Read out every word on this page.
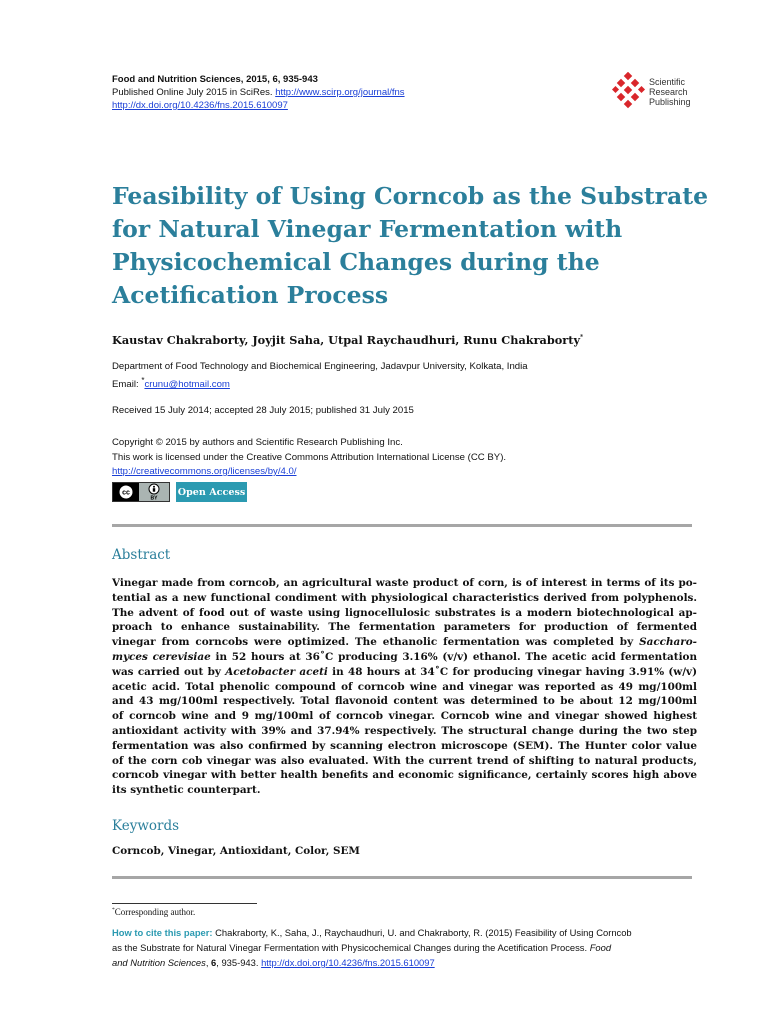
Food and Nutrition Sciences, 2015, 6, 935-943
Published Online July 2015 in SciRes. http://www.scirp.org/journal/fns
http://dx.doi.org/10.4236/fns.2015.610097
Scientific
Research
Publishing
Feasibility of Using Corncob as the Substrate
for Natural Vinegar Fermentation with
Physicochemical Changes during the
Acetification Process
Kaustav Chakraborty, Joyjit Saha, Utpal Raychaudhuri, Runu Chakraborty*
Department of Food Technology and Biochemical Engineering, Jadavpur University, Kolkata, India
Email: *crunu@hotmail.com
Received 15 July 2014; accepted 28 July 2015; published 31 July 2015
Copyright © 2015 by authors and Scientific Research Publishing Inc.
This work is licensed under the Creative Commons Attribution International License (CC BY).
http://creativecommons.org/licenses/by/4.0/
cc
BY
Open Access
Abstract
Vinegar made from corncob, an agricultural waste product of corn, is of interest in terms of its po-
tential as a new functional condiment with physiological characteristics derived from polyphenols.
The advent of food out of waste using lignocellulosic substrates is a modern biotechnological ap-
proach to enhance sustainability. The fermentation parameters for production of fermented
vinegar from corncobs were optimized. The ethanolic fermentation was completed by Saccharo-
myces cerevisiae in 52 hours at 36˚C producing 3.16% (v/v) ethanol. The acetic acid fermentation
was carried out by Acetobacter aceti in 48 hours at 34˚C for producing vinegar having 3.91% (w/v)
acetic acid. Total phenolic compound of corncob wine and vinegar was reported as 49 mg/100ml
and 43 mg/100ml respectively. Total flavonoid content was determined to be about 12 mg/100ml
of corncob wine and 9 mg/100ml of corncob vinegar. Corncob wine and vinegar showed highest
antioxidant activity with 39% and 37.94% respectively. The structural change during the two step
fermentation was also confirmed by scanning electron microscope (SEM). The Hunter color value
of the corn cob vinegar was also evaluated. With the current trend of shifting to natural products,
corncob vinegar with better health benefits and economic significance, certainly scores high above
its synthetic counterpart.
Keywords
Corncob, Vinegar, Antioxidant, Color, SEM
*Corresponding author.
How to cite this paper: Chakraborty, K., Saha, J., Raychaudhuri, U. and Chakraborty, R. (2015) Feasibility of Using Corncob
as the Substrate for Natural Vinegar Fermentation with Physicochemical Changes during the Acetification Process. Food
and Nutrition Sciences, 6, 935-943. http://dx.doi.org/10.4236/fns.2015.610097
